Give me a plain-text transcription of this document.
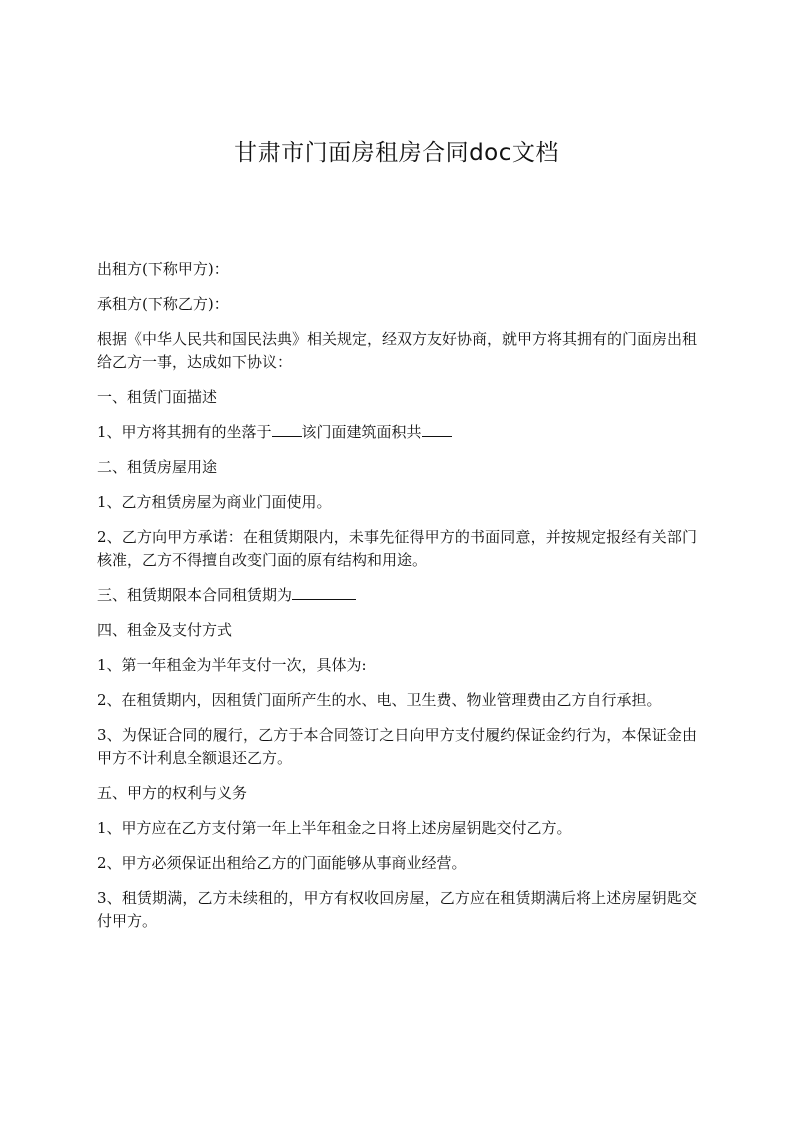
甘肃市门面房租房合同doc文档

出租方(下称甲方)：

承租方(下称乙方)：

根据《中华人民共和国民法典》相关规定，经双方友好协商，就甲方将其拥有的门面房出租给乙方一事，达成如下协议：

一、租赁门面描述

1、甲方将其拥有的坐落于 该门面建筑面积共

二、租赁房屋用途

1、乙方租赁房屋为商业门面使用。

2、乙方向甲方承诺：在租赁期限内，未事先征得甲方的书面同意，并按规定报经有关部门核准，乙方不得擅自改变门面的原有结构和用途。

三、租赁期限本合同租赁期为

四、租金及支付方式

1、第一年租金为半年支付一次，具体为:

2、在租赁期内，因租赁门面所产生的水、电、卫生费、物业管理费由乙方自行承担。

3、为保证合同的履行，乙方于本合同签订之日向甲方支付履约保证金约行为，本保证金由甲方不计利息全额退还乙方。

五、甲方的权利与义务

1、甲方应在乙方支付第一年上半年租金之日将上述房屋钥匙交付乙方。

2、甲方必须保证出租给乙方的门面能够从事商业经营。

3、租赁期满，乙方未续租的，甲方有权收回房屋，乙方应在租赁期满后将上述房屋钥匙交付甲方。
